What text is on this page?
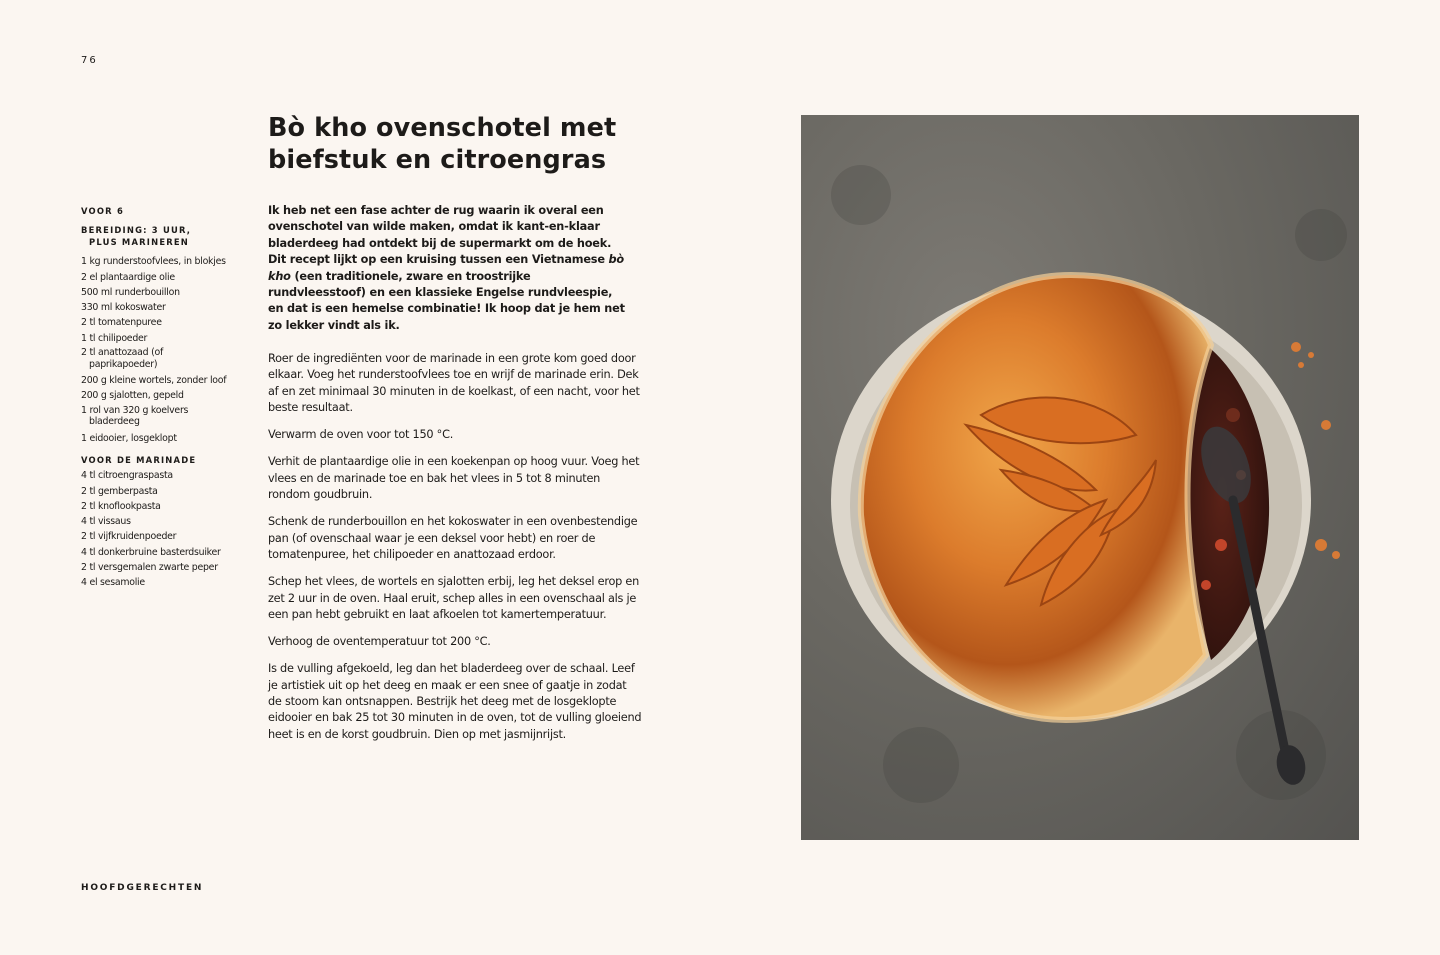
76
VOOR 6
BEREIDING: 3 UUR,
PLUS MARINEREN
1 kg runderstoofvlees, in blokjes
2 el plantaardige olie
500 ml runderbouillon
330 ml kokoswater
2 tl tomatenpuree
1 tl chilipoeder
2 tl anattozaad (of paprikapoeder)
200 g kleine wortels, zonder loof
200 g sjalotten, gepeld
1 rol van 320 g koelvers bladerdeeg
1 eidooier, losgeklopt
VOOR DE MARINADE
4 tl citroengraspasta
2 tl gemberpasta
2 tl knoflookpasta
4 tl vissaus
2 tl vijfkruidenpoeder
4 tl donkerbruine basterdsuiker
2 tl versgemalen zwarte peper
4 el sesamolie
Bò kho ovenschotel met
biefstuk en citroengras

Ik heb net een fase achter de rug waarin ik overal een ovenschotel van wilde maken, omdat ik kant-en-klaar bladerdeeg had ontdekt bij de supermarkt om de hoek. Dit recept lijkt op een kruising tussen een Vietnamese bò kho (een traditionele, zware en troostrijke rundvleesstoof) en een klassieke Engelse rundvleespie, en dat is een hemelse combinatie! Ik hoop dat je hem net zo lekker vindt als ik.

Roer de ingrediënten voor de marinade in een grote kom goed door elkaar. Voeg het runderstoofvlees toe en wrijf de marinade erin. Dek af en zet minimaal 30 minuten in de koelkast, of een nacht, voor het beste resultaat.

Verwarm de oven voor tot 150 °C.

Verhit de plantaardige olie in een koekenpan op hoog vuur. Voeg het vlees en de marinade toe en bak het vlees in 5 tot 8 minuten rondom goudbruin.

Schenk de runderbouillon en het kokoswater in een ovenbestendige pan (of ovenschaal waar je een deksel voor hebt) en roer de tomatenpuree, het chilipoeder en anattozaad erdoor.

Schep het vlees, de wortels en sjalotten erbij, leg het deksel erop en zet 2 uur in de oven. Haal eruit, schep alles in een ovenschaal als je een pan hebt gebruikt en laat afkoelen tot kamertemperatuur.

Verhoog de oventemperatuur tot 200 °C.

Is de vulling afgekoeld, leg dan het bladerdeeg over de schaal. Leef je artistiek uit op het deeg en maak er een snee of gaatje in zodat de stoom kan ontsnappen. Bestrijk het deeg met de losgeklopte eidooier en bak 25 tot 30 minuten in de oven, tot de vulling gloeiend heet is en de korst goudbruin. Dien op met jasmijnrijst.

HOOFDGERECHTEN
